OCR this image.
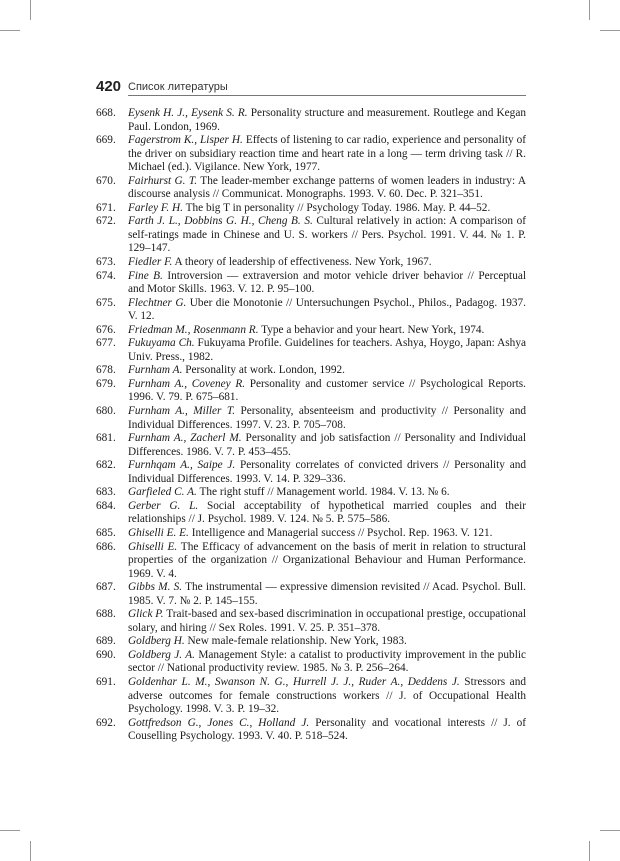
420 Список литературы
668. Eysenk H. J., Eysenk S. R. Personality structure and measurement. Routlege and Kegan Paul. London, 1969.
669. Fagerstrom K., Lisper H. Effects of listening to car radio, experience and personality of the driver on subsidiary reaction time and heart rate in a long — term driving task // R. Michael (ed.). Vigilance. New York, 1977.
670. Fairhurst G. T. The leader-member exchange patterns of women leaders in industry: A discourse analysis // Communicat. Monographs. 1993. V. 60. Dec. P. 321–351.
671. Farley F. H. The big T in personality // Psychology Today. 1986. May. P. 44–52.
672. Farth J. L., Dobbins G. H., Cheng B. S. Cultural relatively in action: A comparison of self-ratings made in Chinese and U. S. workers // Pers. Psychol. 1991. V. 44. № 1. P. 129–147.
673. Fiedler F. A theory of leadership of effectiveness. New York, 1967.
674. Fine B. Introversion — extraversion and motor vehicle driver behavior // Perceptual and Motor Skills. 1963. V. 12. P. 95–100.
675. Flechtner G. Uber die Monotonie // Untersuchungen Psychol., Philos., Padagog. 1937. V. 12.
676. Friedman M., Rosenmann R. Type a behavior and your heart. New York, 1974.
677. Fukuyama Ch. Fukuyama Profile. Guidelines for teachers. Ashya, Hoygo, Japan: Ashya Univ. Press., 1982.
678. Furnham A. Personality at work. London, 1992.
679. Furnham A., Coveney R. Personality and customer service // Psychological Reports. 1996. V. 79. P. 675–681.
680. Furnham A., Miller T. Personality, absenteeism and productivity // Personality and Individual Differences. 1997. V. 23. P. 705–708.
681. Furnham A., Zacherl M. Personality and job satisfaction // Personality and Individual Differences. 1986. V. 7. P. 453–455.
682. Furnhqam A., Saipe J. Personality correlates of convicted drivers // Personality and Individual Differences. 1993. V. 14. P. 329–336.
683. Garfieled C. A. The right stuff // Management world. 1984. V. 13. № 6.
684. Gerber G. L. Social acceptability of hypothetical married couples and their relationships // J. Psychol. 1989. V. 124. № 5. P. 575–586.
685. Ghiselli E. E. Intelligence and Managerial success // Psychol. Rep. 1963. V. 121.
686. Ghiselli E. The Efficacy of advancement on the basis of merit in relation to structural properties of the organization // Organizational Behaviour and Human Performance. 1969. V. 4.
687. Gibbs M. S. The instrumental — expressive dimension revisited // Acad. Psychol. Bull. 1985. V. 7. № 2. P. 145–155.
688. Glick P. Trait-based and sex-based discrimination in occupational prestige, occupational solary, and hiring // Sex Roles. 1991. V. 25. P. 351–378.
689. Goldberg H. New male-female relationship. New York, 1983.
690. Goldberg J. A. Management Style: a catalist to productivity improvement in the public sector // National productivity review. 1985. № 3. P. 256–264.
691. Goldenhar L. M., Swanson N. G., Hurrell J. J., Ruder A., Deddens J. Stressors and adverse outcomes for female constructions workers // J. of Occupational Health Psychology. 1998. V. 3. P. 19–32.
692. Gottfredson G., Jones C., Holland J. Personality and vocational interests // J. of Couselling Psychology. 1993. V. 40. P. 518–524.
